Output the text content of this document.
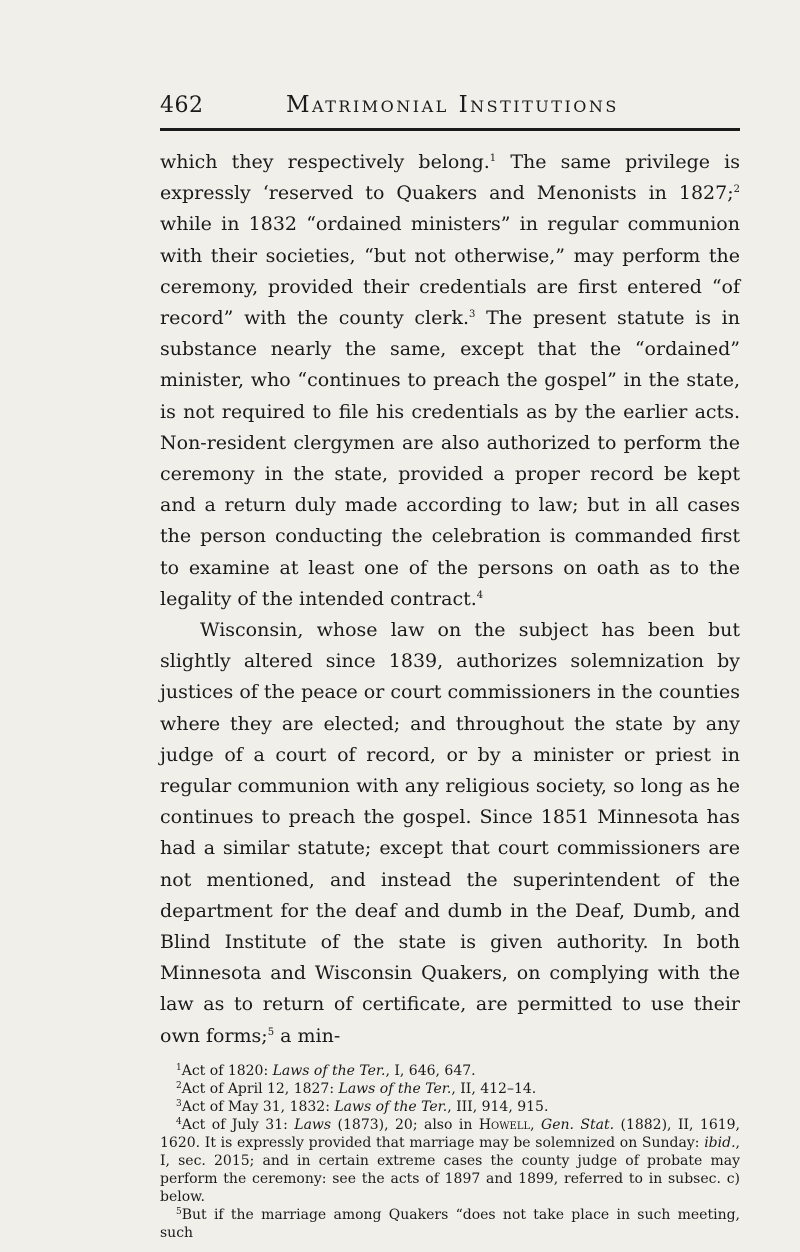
462	Matrimonial Institutions

which they respectively belong.$^1$ The same privilege is expressly ‘reserved to Quakers and Menonists in 1827;$^2$ while in 1832 “ordained ministers” in regular communion with their societies, “but not otherwise,” may perform the ceremony, provided their credentials are first entered “of record” with the county clerk.$^3$ The present statute is in substance nearly the same, except that the “ordained” minister, who “continues to preach the gospel” in the state, is not required to file his credentials as by the earlier acts. Non-resident clergymen are also authorized to perform the ceremony in the state, provided a proper record be kept and a return duly made according to law; but in all cases the person conducting the celebration is commanded first to examine at least one of the persons on oath as to the legality of the intended contract.$^4$

Wisconsin, whose law on the subject has been but slightly altered since 1839, authorizes solemnization by justices of the peace or court commissioners in the counties where they are elected; and throughout the state by any judge of a court of record, or by a minister or priest in regular communion with any religious society, so long as he continues to preach the gospel. Since 1851 Minnesota has had a similar statute; except that court commissioners are not mentioned, and instead the superintendent of the department for the deaf and dumb in the Deaf, Dumb, and Blind Institute of the state is given authority. In both Minnesota and Wisconsin Quakers, on complying with the law as to return of certificate, are permitted to use their own forms;$^5$ a min-

$^1$Act of 1820: Laws of the Ter., I, 646, 647.

$^2$Act of April 12, 1827: Laws of the Ter., II, 412–14.

$^3$Act of May 31, 1832: Laws of the Ter., III, 914, 915.

$^4$Act of July 31: Laws (1873), 20; also in Howell, Gen. Stat. (1882), II, 1619, 1620. It is expressly provided that marriage may be solemnized on Sunday: ibid., I, sec. 2015; and in certain extreme cases the county judge of probate may perform the ceremony: see the acts of 1897 and 1899, referred to in subsec. c) below.

$^5$But if the marriage among Quakers “does not take place in such meeting, such
